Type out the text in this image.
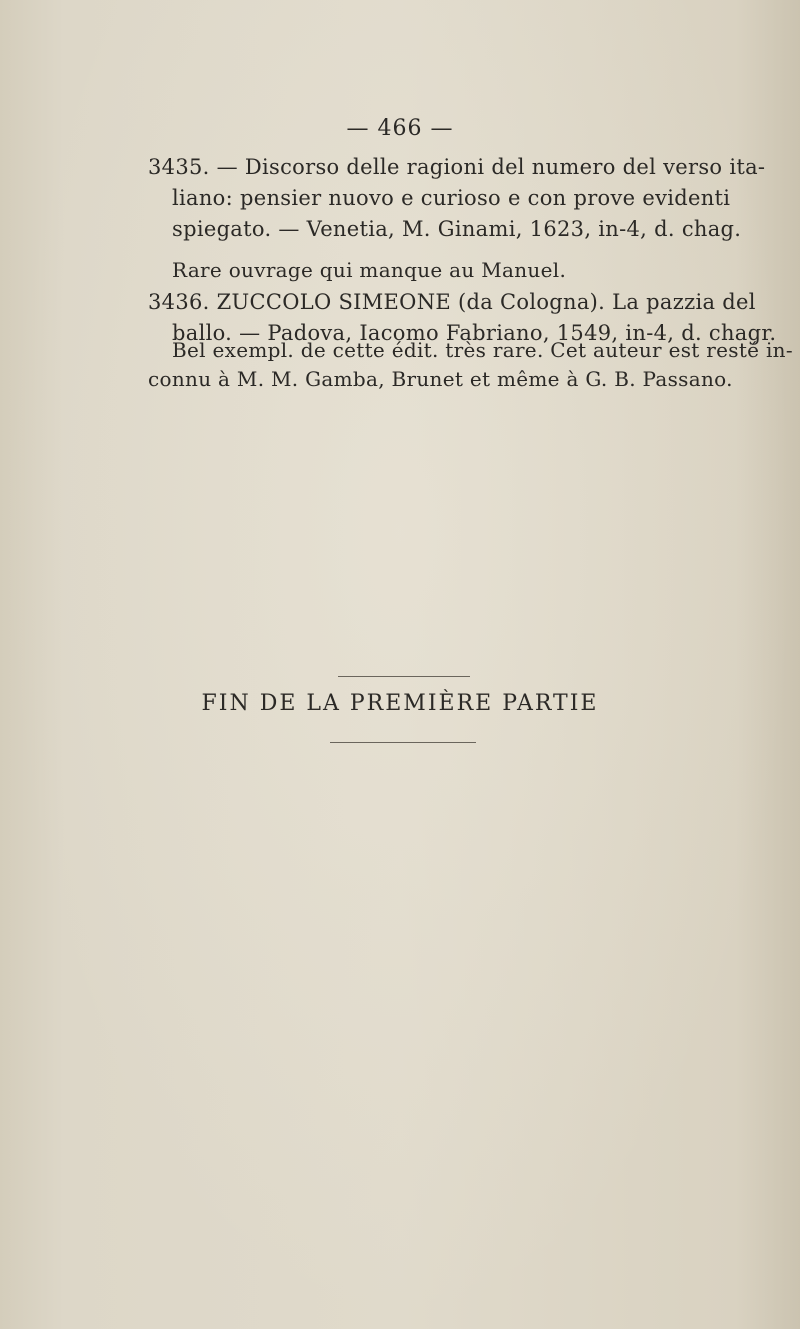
— 466 —
3435. — Discorso delle ragioni del numero del verso ita-
liano: pensier nuovo e curioso e con prove evidenti
spiegato. — Venetia, M. Ginami, 1623, in-4, d. chag.
Rare ouvrage qui manque au Manuel.

3436. ZUCCOLO SIMEONE (da Cologna). La pazzia del
ballo. — Padova, Iacomo Fabriano, 1549, in-4, d. chagr.
Bel exempl. de cette édit. très rare. Cet auteur est resté in-
connu à M. M. Gamba, Brunet et même à G. B. Passano.
FIN DE LA PREMIÈRE PARTIE
